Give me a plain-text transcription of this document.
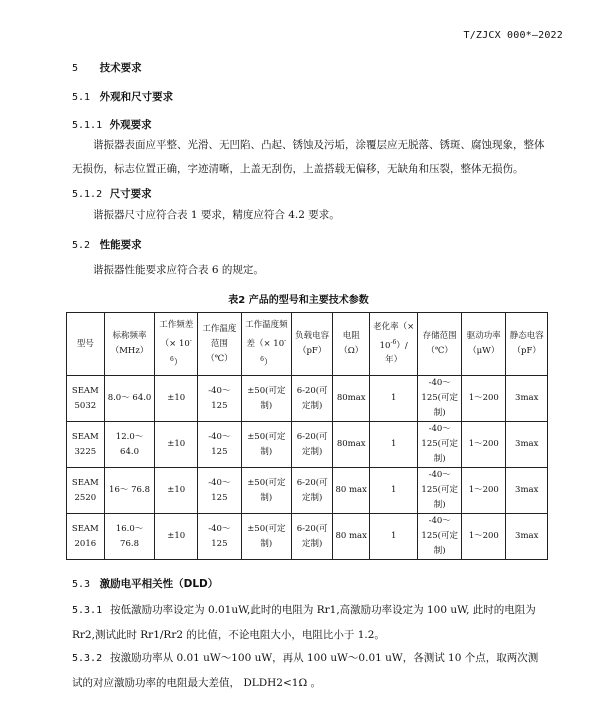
T/ZJCX 000*—2022
5 技术要求
5.1 外观和尺寸要求
5.1.1 外观要求
谐振器表面应平整、光滑、无凹陷、凸起、锈蚀及污垢，涂覆层应无脱落、锈斑、腐蚀现象，整体无损伤，标志位置正确，字迹清晰，上盖无刮伤，上盖搭载无偏移，无缺角和压裂，整体无损伤。
5.1.2 尺寸要求
谐振器尺寸应符合表 1 要求，精度应符合 4.2 要求。
5.2 性能要求
谐振器性能要求应符合表 6 的规定。
表2 产品的型号和主要技术参数
型号	标称频率（MHz）	工作频差（× $10^{-6}$）	工作温度范围（℃）	工作温度频差（× $10^{-6}$）	负载电容（pF）	电阻（Ω）	老化率（× $10^{-6})/$ 年）	存储范围（℃）	驱动功率（μW）	静态电容（pF）
SEAM 5032	8.0～ 64.0	±10	-40～ 125	±50(可定制)	6-20(可定制)	80max	1	-40～ 125(可定制)	1～200	3max
SEAM 3225	12.0～ 64.0	±10	-40～ 125	±50(可定制)	6-20(可定制)	80max	1	-40～ 125(可定制)	1～200	3max
SEAM 2520	16～ 76.8	±10	-40～ 125	±50(可定制)	6-20(可定制)	80 max	1	-40～ 125(可定制)	1～200	3max
SEAM 2016	16.0～ 76.8	±10	-40～ 125	±50(可定制)	6-20(可定制)	80 max	1	-40～ 125(可定制)	1～200	3max
5.3 激励电平相关性（DLD）
5.3.1 按低激励功率设定为 0.01uW,此时的电阻为 Rr1,高激励功率设定为 100 uW, 此时的电阻为 Rr2,测试此时 Rr1/Rr2 的比值，不论电阻大小，电阻比小于 1.2。
5.3.2 按激励功率从 0.01 uW～100 uW，再从 100 uW～0.01 uW，各测试 10 个点，取两次测试的对应激励功率的电阻最大差值， DLDH2<1Ω 。
